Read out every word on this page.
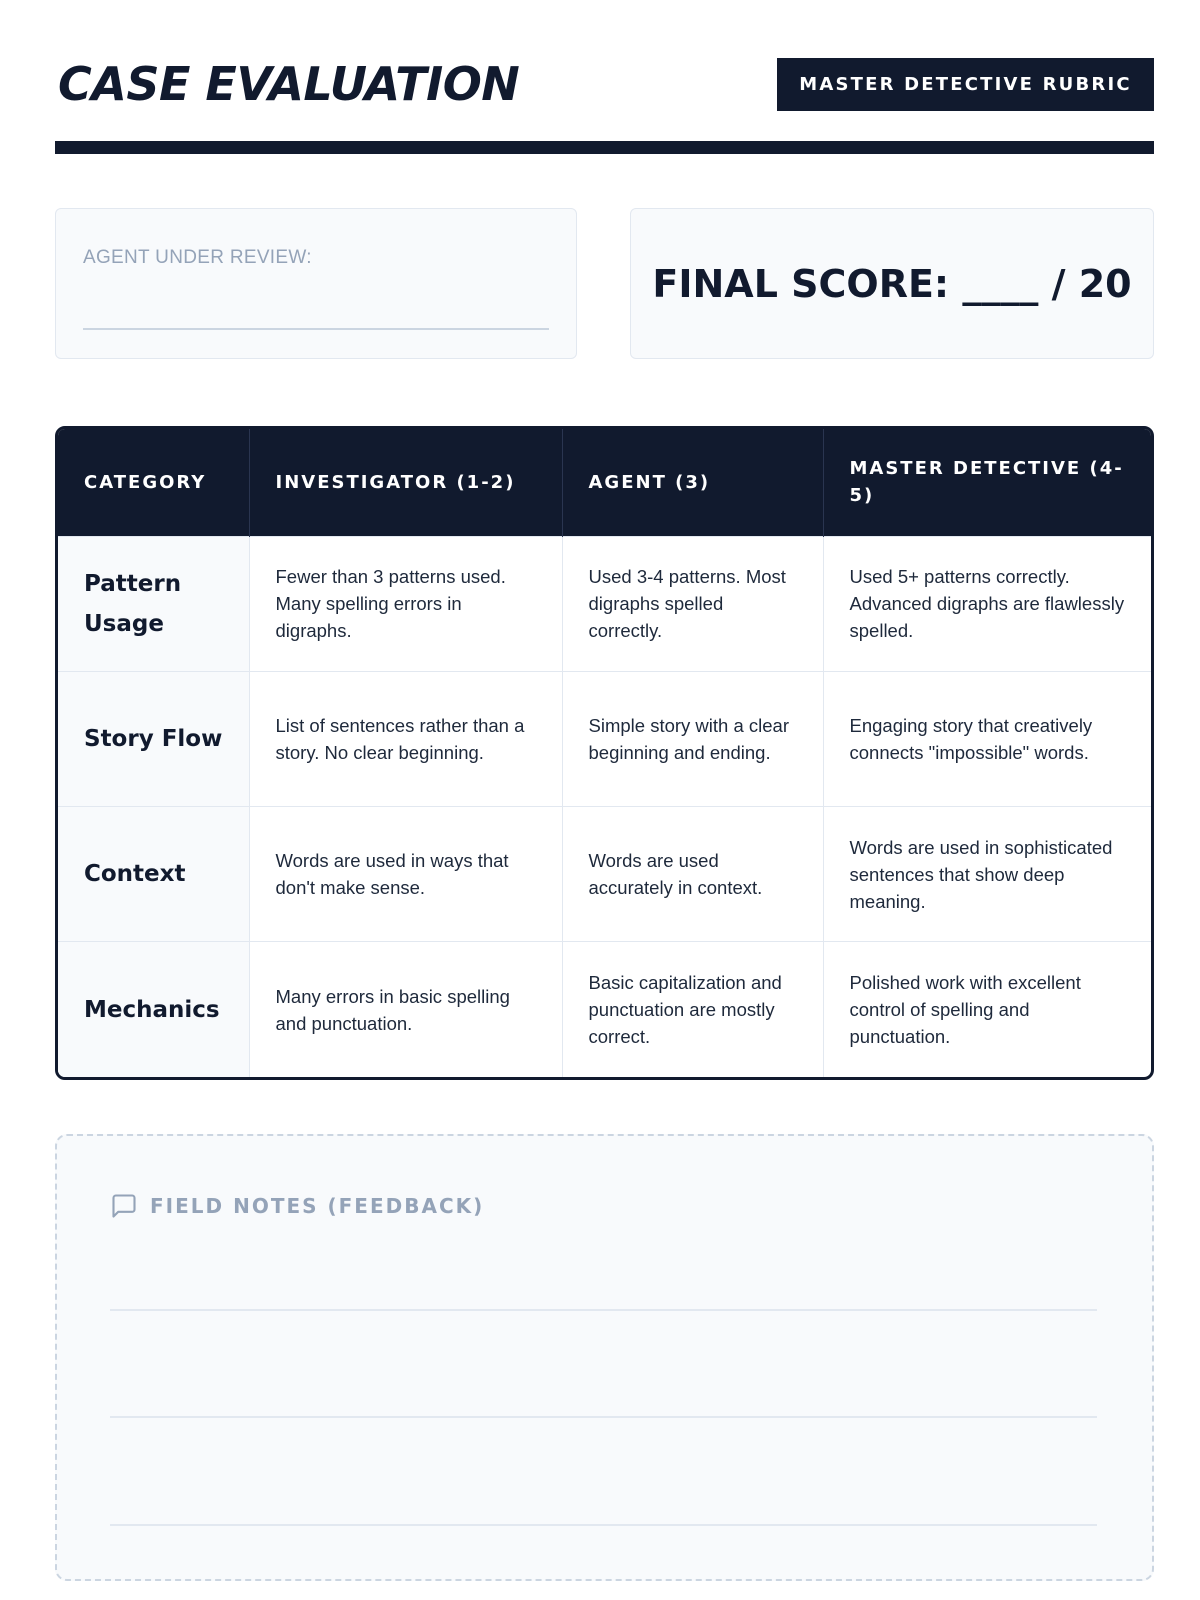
CASE EVALUATION	MASTER DETECTIVE RUBRIC
AGENT UNDER REVIEW:
FINAL SCORE: ____ / 20
CATEGORY	INVESTIGATOR (1-2)	AGENT (3)	MASTER DETECTIVE (4-5)
Pattern Usage	Fewer than 3 patterns used. Many spelling errors in digraphs.	Used 3-4 patterns. Most digraphs spelled correctly.	Used 5+ patterns correctly. Advanced digraphs are flawlessly spelled.
Story Flow	List of sentences rather than a story. No clear beginning.	Simple story with a clear beginning and ending.	Engaging story that creatively connects "impossible" words.
Context	Words are used in ways that don't make sense.	Words are used accurately in context.	Words are used in sophisticated sentences that show deep meaning.
Mechanics	Many errors in basic spelling and punctuation.	Basic capitalization and punctuation are mostly correct.	Polished work with excellent control of spelling and punctuation.
FIELD NOTES (FEEDBACK)
